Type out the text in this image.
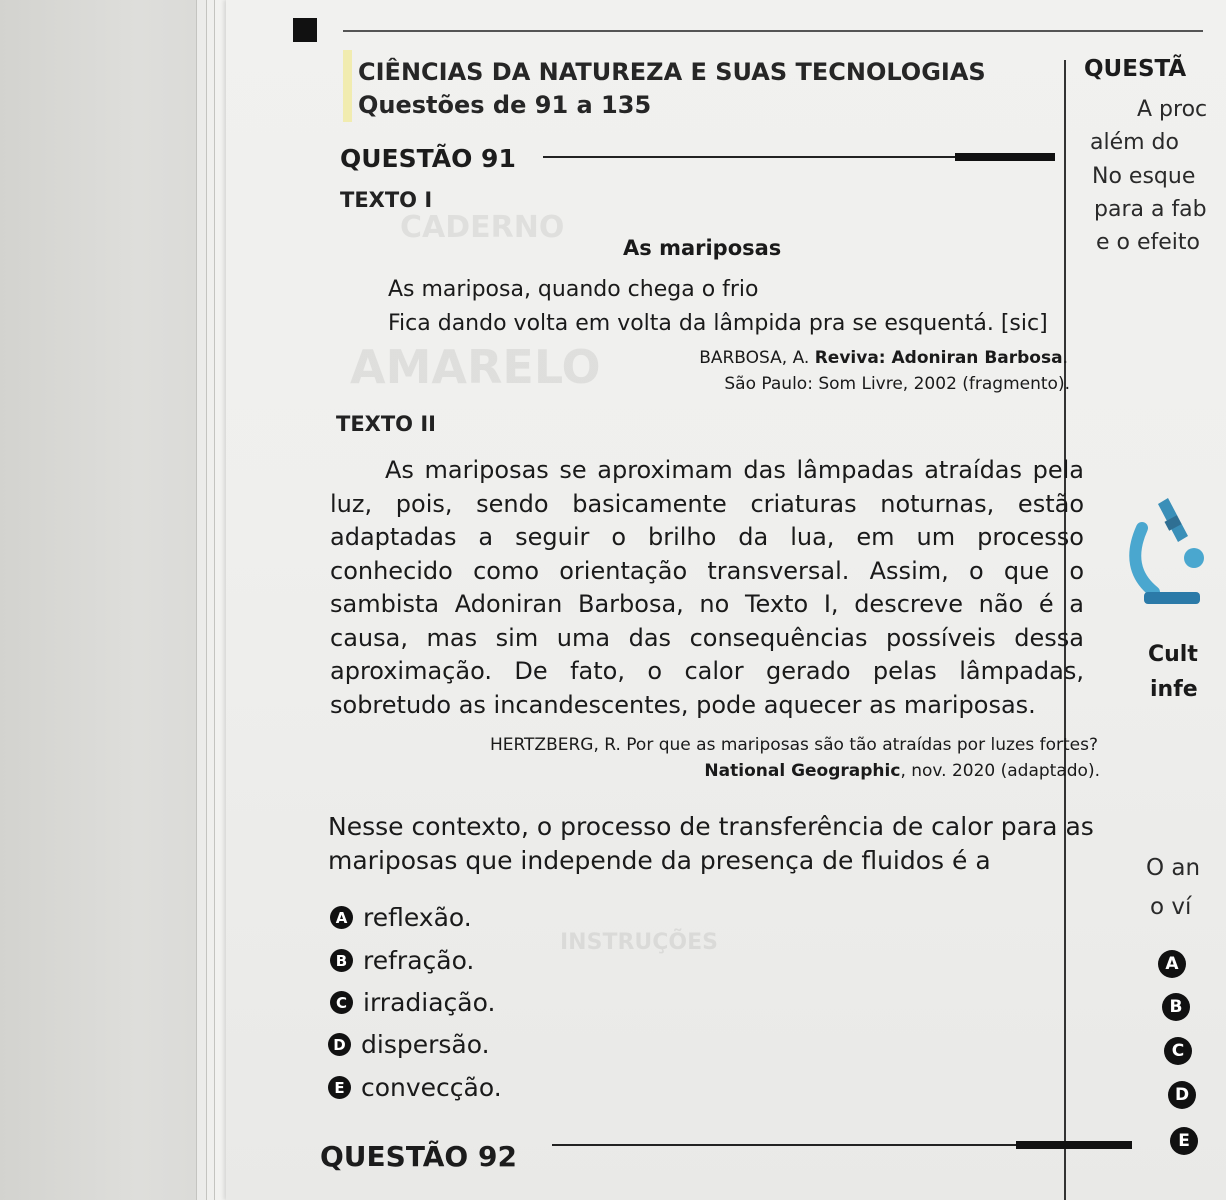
CADERNO
AMARELO
INSTRUÇÕES
CIÊNCIAS DA NATUREZA E SUAS TECNOLOGIAS
Questões de 91 a 135
QUESTÃO 91
TEXTO I
As mariposas
As mariposa, quando chega o frio
Fica dando volta em volta da lâmpida pra se esquentá. [sic]
BARBOSA, A. Reviva: Adoniran Barbosa.
São Paulo: Som Livre, 2002 (fragmento).
TEXTO II

As mariposas se aproximam das lâmpadas atraídas pela luz, pois, sendo basicamente criaturas noturnas, estão adaptadas a seguir o brilho da lua, em um processo conhecido como orientação transversal. Assim, o que o sambista Adoniran Barbosa, no Texto I, descreve não é a causa, mas sim uma das consequências possíveis dessa aproximação. De fato, o calor gerado pelas lâmpadas, sobretudo as incandescentes, pode aquecer as mariposas.

HERTZBERG, R. Por que as mariposas são tão atraídas por luzes fortes?
National Geographic, nov. 2020 (adaptado).
Nesse contexto, o processo de transferência de calor para as mariposas que independe da presença de fluidos é a
A reflexão.
B refração.
C irradiação.
D dispersão.
E convecção.
QUESTÃO 92
QUESTÃ
A proc
além do
No esque
para a fab
e o efeito
Cult
infe
O an
o ví
A
B
C
D
E
